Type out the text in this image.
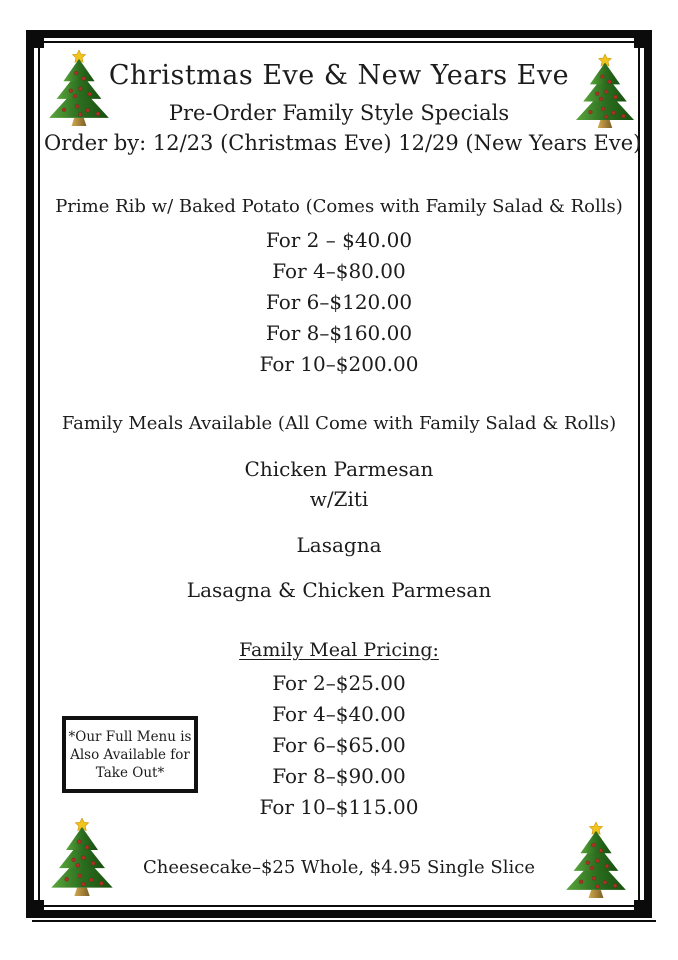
Christmas Eve & New Years Eve
Pre-Order Family Style Specials
Order by: 12/23 (Christmas Eve) 12/29 (New Years Eve)
Prime Rib w/ Baked Potato (Comes with Family Salad & Rolls)
For 2 – $40.00
For 4–$80.00
For 6–$120.00
For 8–$160.00
For 10–$200.00
Family Meals Available (All Come with Family Salad & Rolls)
Chicken Parmesan
w/Ziti
Lasagna
Lasagna & Chicken Parmesan
Family Meal Pricing:
For 2–$25.00
For 4–$40.00
For 6–$65.00
For 8–$90.00
For 10–$115.00
Cheesecake–$25 Whole, $4.95 Single Slice
*Our Full Menu is
Also Available for
Take Out*
